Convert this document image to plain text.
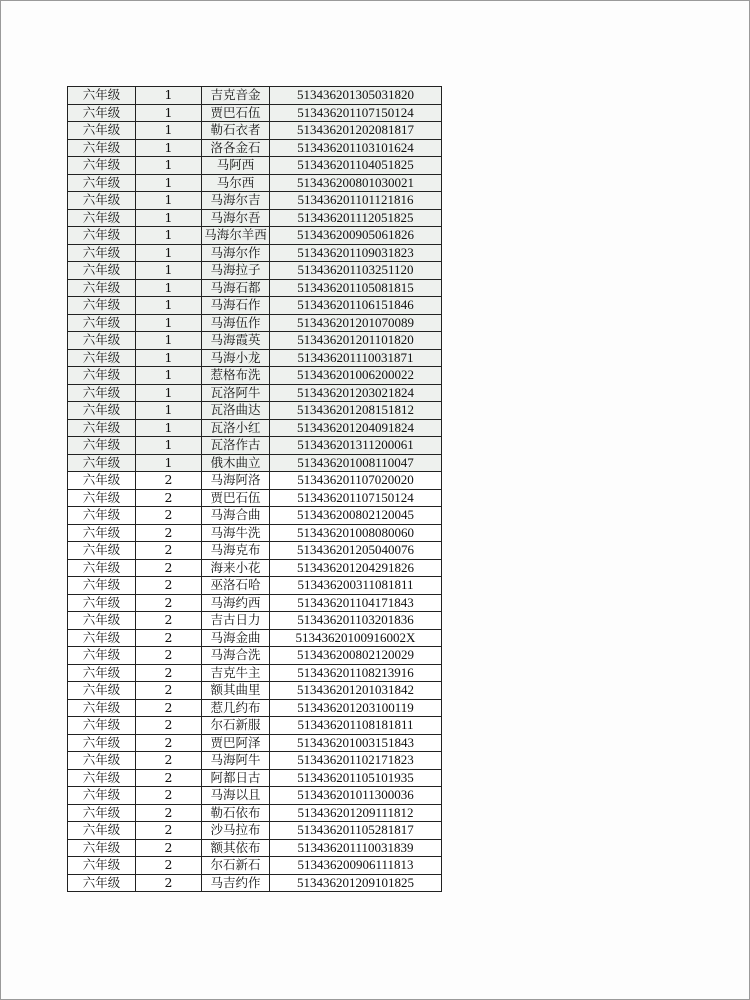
六年级	1	吉克音金	513436201305031820
六年级	1	贾巴石伍	513436201107150124
六年级	1	勒石衣者	513436201202081817
六年级	1	洛各金石	513436201103101624
六年级	1	马阿西	513436201104051825
六年级	1	马尔西	513436200801030021
六年级	1	马海尔吉	513436201101121816
六年级	1	马海尔吾	513436201112051825
六年级	1	马海尔羊西	513436200905061826
六年级	1	马海尔作	513436201109031823
六年级	1	马海拉子	513436201103251120
六年级	1	马海石都	513436201105081815
六年级	1	马海石作	513436201106151846
六年级	1	马海伍作	513436201201070089
六年级	1	马海霞英	513436201201101820
六年级	1	马海小龙	513436201110031871
六年级	1	惹格布洗	513436201006200022
六年级	1	瓦洛阿牛	513436201203021824
六年级	1	瓦洛曲达	513436201208151812
六年级	1	瓦洛小红	513436201204091824
六年级	1	瓦洛作古	513436201311200061
六年级	1	俄木曲立	513436201008110047
六年级	2	马海阿洛	513436201107020020
六年级	2	贾巴石伍	513436201107150124
六年级	2	马海合曲	513436200802120045
六年级	2	马海牛洗	513436201008080060
六年级	2	马海克布	513436201205040076
六年级	2	海来小花	513436201204291826
六年级	2	巫洛石哈	513436200311081811
六年级	2	马海约西	513436201104171843
六年级	2	吉古日力	513436201103201836
六年级	2	马海金曲	51343620100916002X
六年级	2	马海合洗	513436200802120029
六年级	2	吉克牛主	513436201108213916
六年级	2	额其曲里	513436201201031842
六年级	2	惹几约布	513436201203100119
六年级	2	尔石新服	513436201108181811
六年级	2	贾巴阿泽	513436201003151843
六年级	2	马海阿牛	513436201102171823
六年级	2	阿都日古	513436201105101935
六年级	2	马海以且	513436201011300036
六年级	2	勒石依布	513436201209111812
六年级	2	沙马拉布	513436201105281817
六年级	2	额其依布	513436201110031839
六年级	2	尔石新石	513436200906111813
六年级	2	马吉约作	513436201209101825
